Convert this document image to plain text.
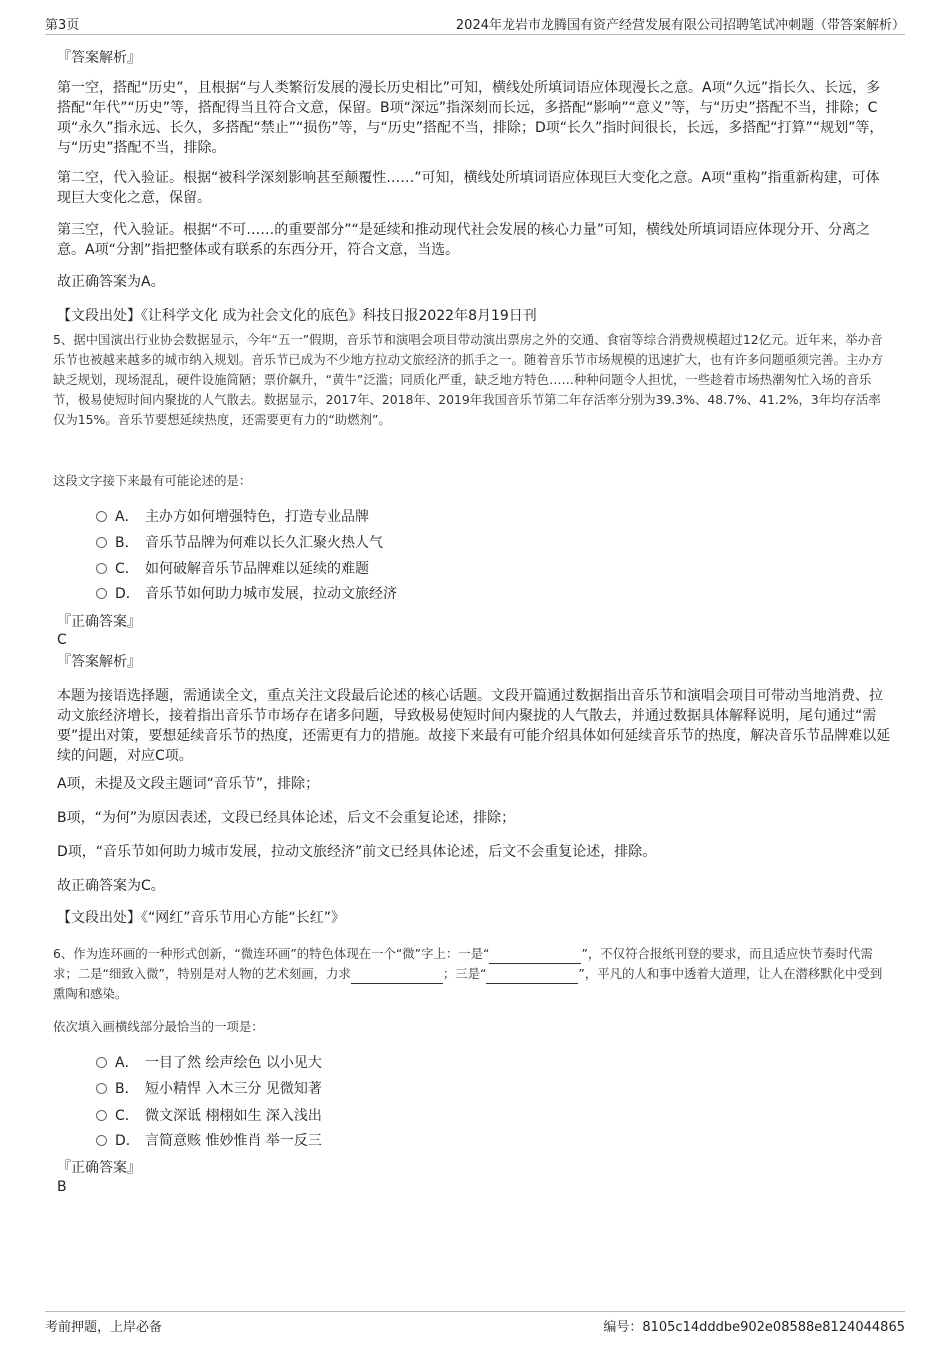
第3页	2024年龙岩市龙腾国有资产经营发展有限公司招聘笔试冲刺题（带答案解析）
『答案解析』

第一空，搭配“历史”，且根据“与人类繁衍发展的漫长历史相比”可知，横线处所填词语应体现漫长之意。A项“久远”指长久、长远，多搭配“年代”“历史”等，搭配得当且符合文意，保留。B项“深远”指深刻而长远，多搭配“影响”“意义”等，与“历史”搭配不当，排除；C项“永久”指永远、长久，多搭配“禁止”“损伤”等，与“历史”搭配不当，排除；D项“长久”指时间很长，长远，多搭配“打算”“规划”等，与“历史”搭配不当，排除。

第二空，代入验证。根据“被科学深刻影响甚至颠覆性……”可知，横线处所填词语应体现巨大变化之意。A项“重构”指重新构建，可体现巨大变化之意，保留。

第三空，代入验证。根据“不可……的重要部分”“是延续和推动现代社会发展的核心力量”可知，横线处所填词语应体现分开、分离之意。A项“分割”指把整体或有联系的东西分开，符合文意，当选。

故正确答案为A。

【文段出处】《让科学文化 成为社会文化的底色》科技日报2022年8月19日刊

5、据中国演出行业协会数据显示，今年“五一”假期，音乐节和演唱会项目带动演出票房之外的交通、食宿等综合消费规模超过12亿元。近年来，举办音乐节也被越来越多的城市纳入规划。音乐节已成为不少地方拉动文旅经济的抓手之一。随着音乐节市场规模的迅速扩大，也有许多问题亟须完善。主办方缺乏规划，现场混乱，硬件设施简陋；票价飙升，“黄牛”泛滥；同质化严重，缺乏地方特色……种种问题令人担忧，一些趁着市场热潮匆忙入场的音乐节，极易使短时间内聚拢的人气散去。数据显示，2017年、2018年、2019年我国音乐节第二年存活率分别为39.3%、48.7%、41.2%，3年均存活率仅为15%。音乐节要想延续热度，还需要更有力的“助燃剂”。

这段文字接下来最有可能论述的是：

A． 主办方如何增强特色，打造专业品牌
B． 音乐节品牌为何难以长久汇聚火热人气
C． 如何破解音乐节品牌难以延续的难题
D． 音乐节如何助力城市发展，拉动文旅经济
『正确答案』
C
『答案解析』

本题为接语选择题，需通读全文，重点关注文段最后论述的核心话题。文段开篇通过数据指出音乐节和演唱会项目可带动当地消费、拉动文旅经济增长，接着指出音乐节市场存在诸多问题，导致极易使短时间内聚拢的人气散去，并通过数据具体解释说明，尾句通过“需要”提出对策，要想延续音乐节的热度，还需更有力的措施。故接下来最有可能介绍具体如何延续音乐节的热度，解决音乐节品牌难以延续的问题，对应C项。

A项，未提及文段主题词“音乐节”，排除；

B项，“为何”为原因表述，文段已经具体论述，后文不会重复论述，排除；

D项，“音乐节如何助力城市发展，拉动文旅经济”前文已经具体论述，后文不会重复论述，排除。

故正确答案为C。

【文段出处】《“网红”音乐节用心方能“长红”》

6、作为连环画的一种形式创新，“微连环画”的特色体现在一个“微”字上：一是“	”，不仅符合报纸刊登的要求，而且适应快节奏时代需求；二是“细致入微”，特别是对人物的艺术刻画，力求	；三是“	”，平凡的人和事中透着大道理，让人在潜移默化中受到熏陶和感染。

依次填入画横线部分最恰当的一项是：

A． 一目了然 绘声绘色 以小见大
B． 短小精悍 入木三分 见微知著
C． 微文深诋 栩栩如生 深入浅出
D． 言简意赅 惟妙惟肖 举一反三
『正确答案』
B
考前押题，上岸必备	编号：8105c14dddbe902e08588e8124044865
